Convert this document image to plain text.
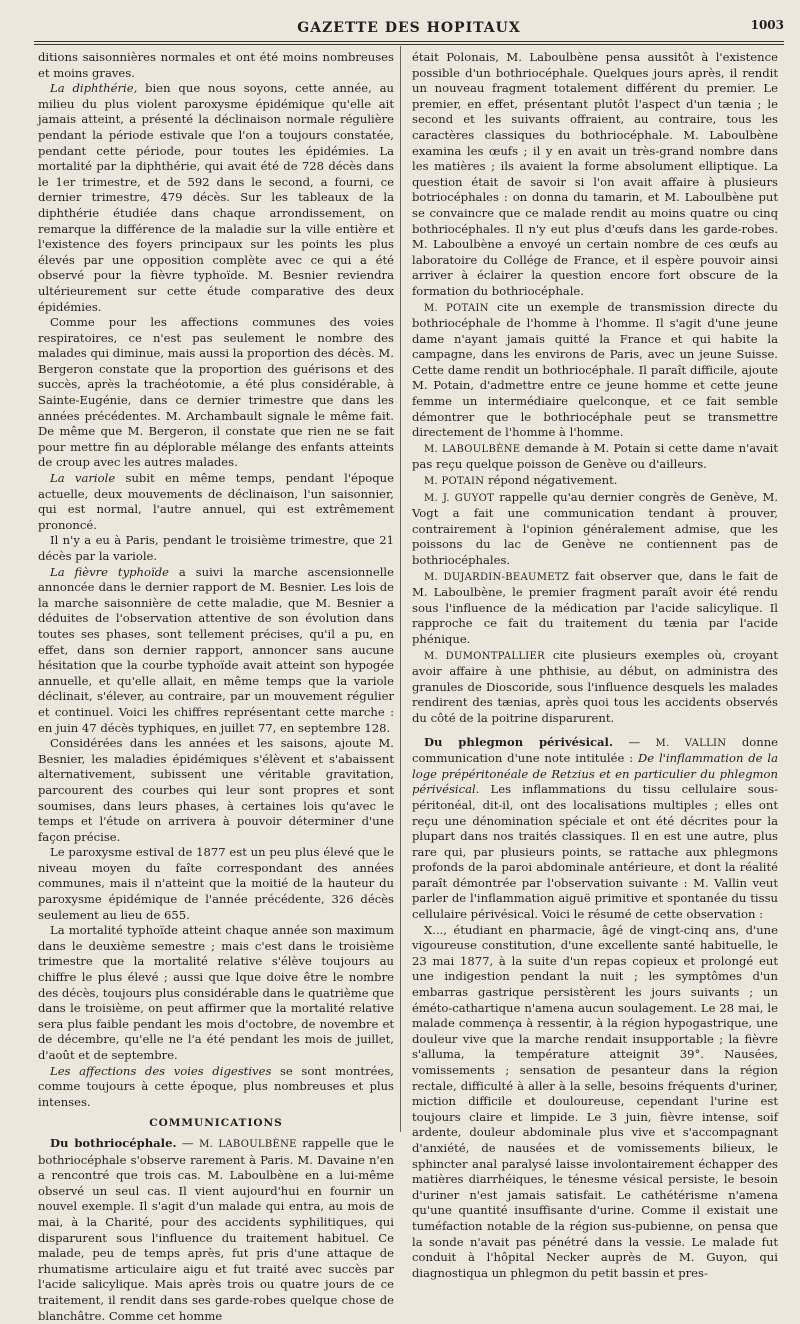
GAZETTE DES HOPITAUX	1003

ditions saisonnières normales et ont été moins nombreuses et moins graves.

La diphthérie, bien que nous soyons, cette année, au milieu du plus violent paroxysme épidémique qu'elle ait jamais atteint, a présenté la déclinaison normale régulière pendant la période estivale que l'on a toujours constatée, pendant cette période, pour toutes les épidémies. La mortalité par la diphthérie, qui avait été de 728 décès dans le 1er trimestre, et de 592 dans le second, a fourni, ce dernier trimestre, 479 décès. Sur les tableaux de la diphthérie étudiée dans chaque arrondissement, on remarque la différence de la maladie sur la ville entière et l'existence des foyers principaux sur les points les plus élevés par une opposition complète avec ce qui a été observé pour la fièvre typhoïde. M. Besnier reviendra ultérieurement sur cette étude comparative des deux épidémies.

Comme pour les affections communes des voies respiratoires, ce n'est pas seulement le nombre des malades qui diminue, mais aussi la proportion des décès. M. Bergeron constate que la proportion des guérisons et des succès, après la trachéotomie, a été plus considérable, à Sainte-Eugénie, dans ce dernier trimestre que dans les années précédentes. M. Archambault signale le même fait. De même que M. Bergeron, il constate que rien ne se fait pour mettre fin au déplorable mélange des enfants atteints de croup avec les autres malades.

La variole subit en même temps, pendant l'époque actuelle, deux mouvements de déclinaison, l'un saisonnier, qui est normal, l'autre annuel, qui est extrêmement prononcé.

Il n'y a eu à Paris, pendant le troisième trimestre, que 21 décès par la variole.

La fièvre typhoïde a suivi la marche ascensionnelle annoncée dans le dernier rapport de M. Besnier. Les lois de la marche saisonnière de cette maladie, que M. Besnier a déduites de l'observation attentive de son évolution dans toutes ses phases, sont tellement précises, qu'il a pu, en effet, dans son dernier rapport, annoncer sans aucune hésitation que la courbe typhoïde avait atteint son hypogée annuelle, et qu'elle allait, en même temps que la variole déclinait, s'élever, au contraire, par un mouvement régulier et continuel. Voici les chiffres représentant cette marche : en juin 47 décès typhiques, en juillet 77, en septembre 128.

Considérées dans les années et les saisons, ajoute M. Besnier, les maladies épidémiques s'élèvent et s'abaissent alternativement, subissent une véritable gravitation, parcourent des courbes qui leur sont propres et sont soumises, dans leurs phases, à certaines lois qu'avec le temps et l'étude on arrivera à pouvoir déterminer d'une façon précise.

Le paroxysme estival de 1877 est un peu plus élevé que le niveau moyen du faîte correspondant des années communes, mais il n'atteint que la moitié de la hauteur du paroxysme épidémique de l'année précédente, 326 décès seulement au lieu de 655.

La mortalité typhoïde atteint chaque année son maximum dans le deuxième semestre ; mais c'est dans le troisième trimestre que la mortalité relative s'élève toujours au chiffre le plus élevé ; aussi que lque doive être le nombre des décès, toujours plus considérable dans le quatrième que dans le troisième, on peut affirmer que la mortalité relative sera plus faible pendant les mois d'octobre, de novembre et de décembre, qu'elle ne l'a été pendant les mois de juillet, d'août et de septembre.

Les affections des voies digestives se sont montrées, comme toujours à cette époque, plus nombreuses et plus intenses.

COMMUNICATIONS

Du bothriocéphale. — M. LABOULBÈNE rappelle que le bothriocéphale s'observe rarement à Paris. M. Davaine n'en a rencontré que trois cas. M. Laboulbène en a lui-même observé un seul cas. Il vient aujourd'hui en fournir un nouvel exemple. Il s'agit d'un malade qui entra, au mois de mai, à la Charité, pour des accidents syphilitiques, qui disparurent sous l'influence du traitement habituel. Ce malade, peu de temps après, fut pris d'une attaque de rhumatisme articulaire aigu et fut traité avec succès par l'acide salicylique. Mais après trois ou quatre jours de ce traitement, il rendit dans ses garde-robes quelque chose de blanchâtre. Comme cet homme

était Polonais, M. Laboulbène pensa aussitôt à l'existence possible d'un bothriocéphale. Quelques jours après, il rendit un nouveau fragment totalement différent du premier. Le premier, en effet, présentant plutôt l'aspect d'un tænia ; le second et les suivants offraient, au contraire, tous les caractères classiques du bothriocéphale. M. Laboulbène examina les œufs ; il y en avait un très-grand nombre dans les matières ; ils avaient la forme absolument elliptique. La question était de savoir si l'on avait affaire à plusieurs botriocéphales : on donna du tamarin, et M. Laboulbène put se convaincre que ce malade rendit au moins quatre ou cinq bothriocéphales. Il n'y eut plus d'œufs dans les garde-robes. M. Laboulbène a envoyé un certain nombre de ces œufs au laboratoire du Collége de France, et il espère pouvoir ainsi arriver à éclairer la question encore fort obscure de la formation du bothriocéphale.

M. POTAIN cite un exemple de transmission directe du bothriocéphale de l'homme à l'homme. Il s'agit d'une jeune dame n'ayant jamais quitté la France et qui habite la campagne, dans les environs de Paris, avec un jeune Suisse. Cette dame rendit un bothriocéphale. Il paraît difficile, ajoute M. Potain, d'admettre entre ce jeune homme et cette jeune femme un intermédiaire quelconque, et ce fait semble démontrer que le bothriocéphale peut se transmettre directement de l'homme à l'homme.

M. LABOULBÈNE demande à M. Potain si cette dame n'avait pas reçu quelque poisson de Genève ou d'ailleurs.

M. POTAIN répond négativement.

M. J. GUYOT rappelle qu'au dernier congrès de Genève, M. Vogt a fait une communication tendant à prouver, contrairement à l'opinion généralement admise, que les poissons du lac de Genève ne contiennent pas de bothriocéphales.

M. DUJARDIN-BEAUMETZ fait observer que, dans le fait de M. Laboulbène, le premier fragment paraît avoir été rendu sous l'influence de la médication par l'acide salicylique. Il rapproche ce fait du traitement du tænia par l'acide phénique.

M. DUMONTPALLIER cite plusieurs exemples où, croyant avoir affaire à une phthisie, au début, on administra des granules de Dioscoride, sous l'influence desquels les malades rendirent des tænias, après quoi tous les accidents observés du côté de la poitrine disparurent.

Du phlegmon périvésical. — M. VALLIN donne communication d'une note intitulée : De l'inflammation de la loge prépéritonéale de Retzius et en particulier du phlegmon périvésical. Les inflammations du tissu cellulaire sous-péritonéal, dit-il, ont des localisations multiples ; elles ont reçu une dénomination spéciale et ont été décrites pour la plupart dans nos traités classiques. Il en est une autre, plus rare qui, par plusieurs points, se rattache aux phlegmons profonds de la paroi abdominale antérieure, et dont la réalité paraît démontrée par l'observation suivante : M. Vallin veut parler de l'inflammation aiguë primitive et spontanée du tissu cellulaire périvésical. Voici le résumé de cette observation :

X..., étudiant en pharmacie, âgé de vingt-cinq ans, d'une vigoureuse constitution, d'une excellente santé habituelle, le 23 mai 1877, à la suite d'un repas copieux et prolongé eut une indigestion pendant la nuit ; les symptômes d'un embarras gastrique persistèrent les jours suivants ; un éméto-cathartique n'amena aucun soulagement. Le 28 mai, le malade commença à ressentir, à la région hypogastrique, une douleur vive que la marche rendait insupportable ; la fièvre s'alluma, la température atteignit 39°. Nausées, vomissements ; sensation de pesanteur dans la région rectale, difficulté à aller à la selle, besoins fréquents d'uriner, miction difficile et douloureuse, cependant l'urine est toujours claire et limpide. Le 3 juin, fièvre intense, soif ardente, douleur abdominale plus vive et s'accompagnant d'anxiété, de nausées et de vomissements bilieux, le sphincter anal paralysé laisse involontairement échapper des matières diarrhéiques, le ténesme vésical persiste, le besoin d'uriner n'est jamais satisfait. Le cathétérisme n'amena qu'une quantité insuffisante d'urine. Comme il existait une tuméfaction notable de la région sus-pubienne, on pensa que la sonde n'avait pas pénétré dans la vessie. Le malade fut conduit à l'hôpital Necker auprès de M. Guyon, qui diagnostiqua un phlegmon du petit bassin et pres-
